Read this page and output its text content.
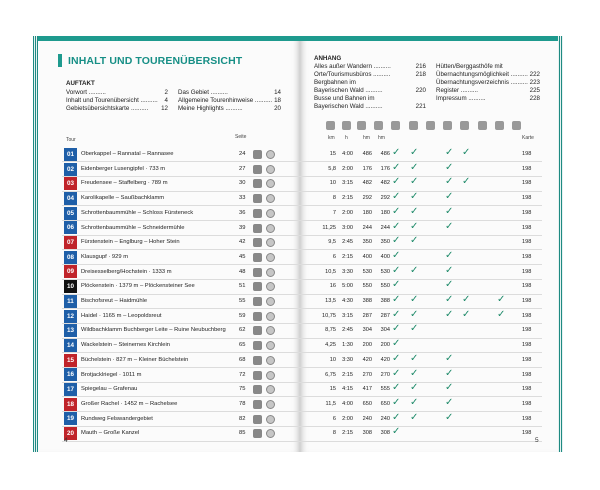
INHALT UND TOURENÜBERSICHT
AUFTAKT
Vorwort ..........	2
Inhalt und Tourenübersicht .......... 4
Gebietsübersichtskarte .......... 12
Das Gebiet ..........	14
Allgemeine Tourenhinweise .......... 18
Meine Highlights ..........	20
ANHANG
Alles außer Wandern ..........	216
Orte/Tourismusbüros ..........	218
Bergbahnen im
Bayerischen Wald ..........	220
Busse und Bahnen im
Bayerischen Wald ..........	221
Hütten/Berggasthöfe mit
Übernachtungsmöglichkeit .......... 222
Übernachtungsverzeichnis .......... 223
Register ..........	225
Impressum ..........	228
Tour	Seite	km h	hm hm	Karte
01	Oberkappel – Rannatal – Rannasee	24	15	4:00	486	486 ✓ ✓	✓ ✓	198
02	Eidenberger Lusengipfel · 733 m	27	5,8	2:00	176	176 ✓ ✓	✓	198
03	Freudensee – Staffelberg · 789 m	30	10	3:15	482	482 ✓ ✓	✓ ✓	198
04	Karolikapelle – Saußbachklamm	33	8	2:15	292	292 ✓ ✓	✓	198
05	Schrottenbaummühle – Schloss Fürsteneck	36	7	2:00	180	180 ✓ ✓	✓	198
06	Schrottenbaummühle – Schneidermühle	39	11,25	3:00	244	244 ✓ ✓	✓	198
07	Fürstenstein – Englburg – Hoher Stein	42	9,5	2:45	350	350 ✓ ✓	198
08	Klausgupf · 929 m	45	6	2:15	400	400 ✓	✓	198
09	Dreisesselberg/Hochstein · 1333 m	48	10,5	3:30	530	530 ✓ ✓	✓	198
10	Plöckenstein · 1379 m – Plöckensteiner See	51	16	5:00	550	550 ✓	✓	198
11	Bischofsreut – Haidmühle	55	13,5	4:30	388	388 ✓ ✓	✓ ✓	✓	198
12	Haidel · 1165 m – Leopoldsreut	59	10,75	3:15	287	287 ✓ ✓	✓ ✓	✓	198
13	Wildbachklamm Buchberger Leite – Ruine Neubuchberg 62	8,75	2:45	304	304 ✓ ✓	198
14	Wackelstein – Steinernes Kirchlein	65	4,25	1:30	200	200 ✓	198
15	Büchelstein · 827 m – Kleiner Büchelstein	68	10	3:30	420	420 ✓ ✓	✓	198
16	Brotjacklriegel · 1011 m	72	6,75	2:15	270	270 ✓ ✓	✓	198
17	Spiegelau – Grafenau	75	15	4:15	417	555 ✓ ✓	✓	198
18	Großer Rachel · 1452 m – Rachelsee	78	11,5	4:00	650	650 ✓ ✓	✓	198
19	Rundweg Felswandergebiet	82	6	2:00	240	240 ✓ ✓	✓	198
20	Mauth – Große Kanzel	85	8	2:15	308	308 ✓	198
4	5
